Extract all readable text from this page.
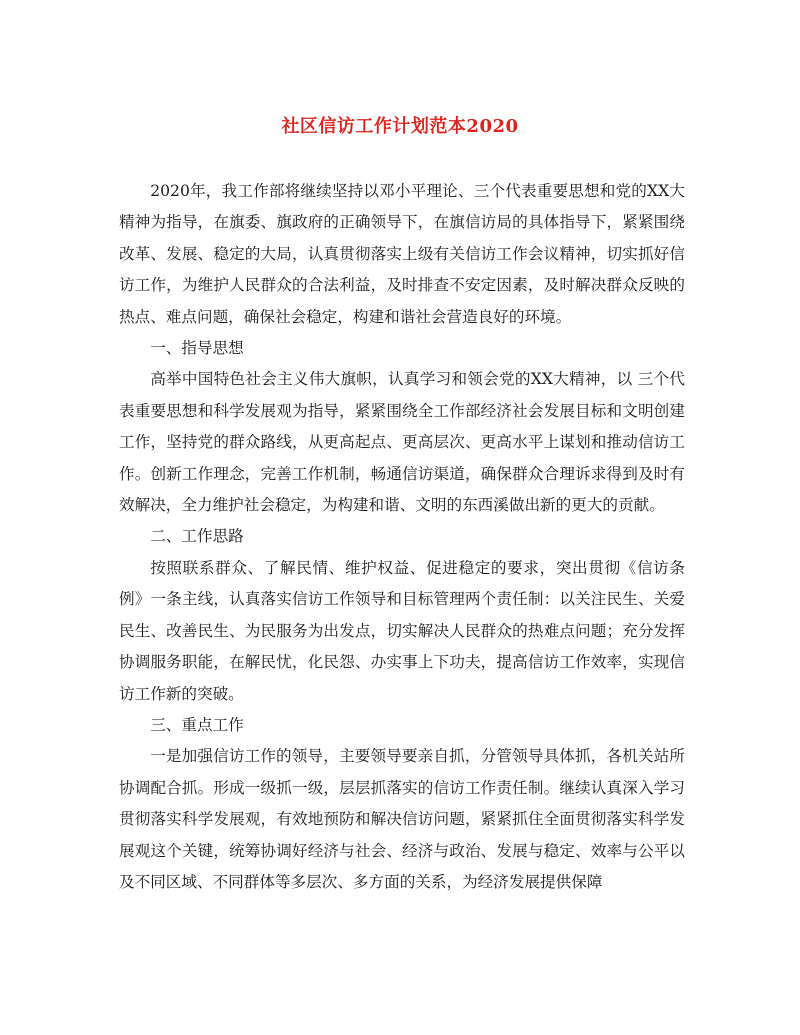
社区信访工作计划范本2020

2020年，我工作部将继续坚持以邓小平理论、三个代表重要思想和党的XX大精神为指导，在旗委、旗政府的正确领导下，在旗信访局的具体指导下，紧紧围绕改革、发展、稳定的大局，认真贯彻落实上级有关信访工作会议精神，切实抓好信访工作，为维护人民群众的合法利益，及时排查不安定因素，及时解决群众反映的热点、难点问题，确保社会稳定，构建和谐社会营造良好的环境。

一、指导思想

高举中国特色社会主义伟大旗帜，认真学习和领会党的XX大精神，以 三个代表重要思想和科学发展观为指导，紧紧围绕全工作部经济社会发展目标和文明创建工作，坚持党的群众路线，从更高起点、更高层次、更高水平上谋划和推动信访工作。创新工作理念，完善工作机制，畅通信访渠道，确保群众合理诉求得到及时有效解决，全力维护社会稳定，为构建和谐、文明的东西溪做出新的更大的贡献。

二、工作思路

按照联系群众、了解民情、维护权益、促进稳定的要求，突出贯彻《信访条例》一条主线，认真落实信访工作领导和目标管理两个责任制：以关注民生、关爱民生、改善民生、为民服务为出发点，切实解决人民群众的热难点问题；充分发挥协调服务职能，在解民忧，化民怨、办实事上下功夫，提高信访工作效率，实现信访工作新的突破。

三、重点工作

一是加强信访工作的领导，主要领导要亲自抓，分管领导具体抓，各机关站所协调配合抓。形成一级抓一级，层层抓落实的信访工作责任制。继续认真深入学习贯彻落实科学发展观，有效地预防和解决信访问题，紧紧抓住全面贯彻落实科学发展观这个关键，统筹协调好经济与社会、经济与政治、发展与稳定、效率与公平以及不同区域、不同群体等多层次、多方面的关系，为经济发展提供保障
